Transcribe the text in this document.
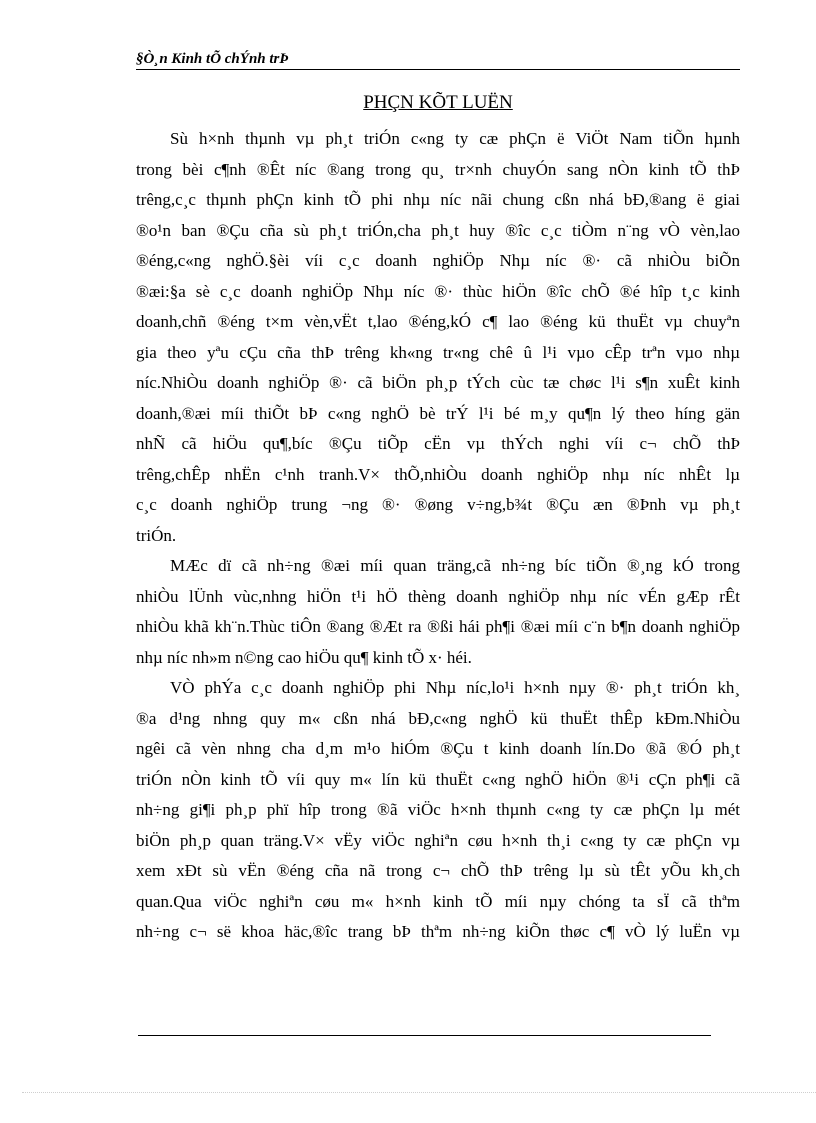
§Ò¸n Kinh tÕ chÝnh trÞ
PHÇN KÕT LUËN
Sù h×nh thµnh vµ ph¸t triÓn c«ng ty cæ phÇn ë ViÖt Nam tiÕn hµnh
trong bèi c¶nh ®Êt níc ®ang trong qu¸ tr×nh chuyÓn sang nÒn kinh tÕ thÞ
trêng,c¸c thµnh phÇn kinh tÕ phi nhµ níc nãi chung cßn nhá bÐ,®ang ë giai
®o¹n ban ®Çu cña sù ph¸t triÓn,cha ph¸t huy ®îc c¸c tiÒm n¨ng vÒ vèn,lao
®éng,c«ng nghÖ.§èi víi c¸c doanh nghiÖp Nhµ níc ®· cã nhiÒu biÕn
®æi:§a sè c¸c doanh nghiÖp Nhµ níc ®· thùc hiÖn ®îc chÕ ®é hîp t¸c kinh
doanh,chñ ®éng t×m vèn,vËt t,lao ®éng,kÓ c¶ lao ®éng kü thuËt vµ chuyªn
gia theo yªu cÇu cña thÞ trêng kh«ng tr«ng chê û l¹i vµo cÊp trªn vµo nhµ
níc.NhiÒu doanh nghiÖp ®· cã biÖn ph¸p tÝch cùc tæ chøc l¹i s¶n xuÊt kinh
doanh,®æi míi thiÕt bÞ c«ng nghÖ bè trÝ l¹i bé m¸y qu¶n lý theo híng gän
nhÑ cã hiÖu qu¶,bíc ®Çu tiÕp cËn vµ thÝch nghi víi c¬ chÕ thÞ
trêng,chÊp nhËn c¹nh tranh.V× thÕ,nhiÒu doanh nghiÖp nhµ níc nhÊt lµ
c¸c doanh nghiÖp trung ¬ng ®· ®øng v÷ng,b¾t ®Çu æn ®Þnh vµ ph¸t
triÓn.
MÆc dï cã nh÷ng ®æi míi quan träng,cã nh÷ng bíc tiÕn ®¸ng kÓ trong
nhiÒu lÜnh vùc,nhng hiÖn t¹i hÖ thèng doanh nghiÖp nhµ níc vÉn gÆp rÊt
nhiÒu khã kh¨n.Thùc tiÔn ®ang ®Æt ra ®ßi hái ph¶i ®æi míi c¨n b¶n doanh nghiÖp
nhµ níc nh»m n©ng cao hiÖu qu¶ kinh tÕ x· héi.
VÒ phÝa c¸c doanh nghiÖp phi Nhµ níc,lo¹i h×nh nµy ®· ph¸t triÓn kh¸
®a d¹ng nhng quy m« cßn nhá bÐ,c«ng nghÖ kü thuËt thÊp kÐm.NhiÒu
ngêi cã vèn nhng cha d¸m m¹o hiÓm ®Çu t kinh doanh lín.Do ®ã ®Ó ph¸t
triÓn nÒn kinh tÕ víi quy m« lín kü thuËt c«ng nghÖ hiÖn ®¹i cÇn ph¶i cã
nh÷ng gi¶i ph¸p phï hîp trong ®ã viÖc h×nh thµnh c«ng ty cæ phÇn lµ mét
biÖn ph¸p quan träng.V× vËy viÖc nghiªn cøu h×nh th¸i c«ng ty cæ phÇn vµ
xem xÐt sù vËn ®éng cña nã trong c¬ chÕ thÞ trêng lµ sù tÊt yÕu kh¸ch
quan.Qua viÖc nghiªn cøu m« h×nh kinh tÕ míi nµy chóng ta sÏ cã thªm
nh÷ng c¬ së khoa häc,®îc trang bÞ thªm nh÷ng kiÕn thøc c¶ vÒ lý luËn vµ
